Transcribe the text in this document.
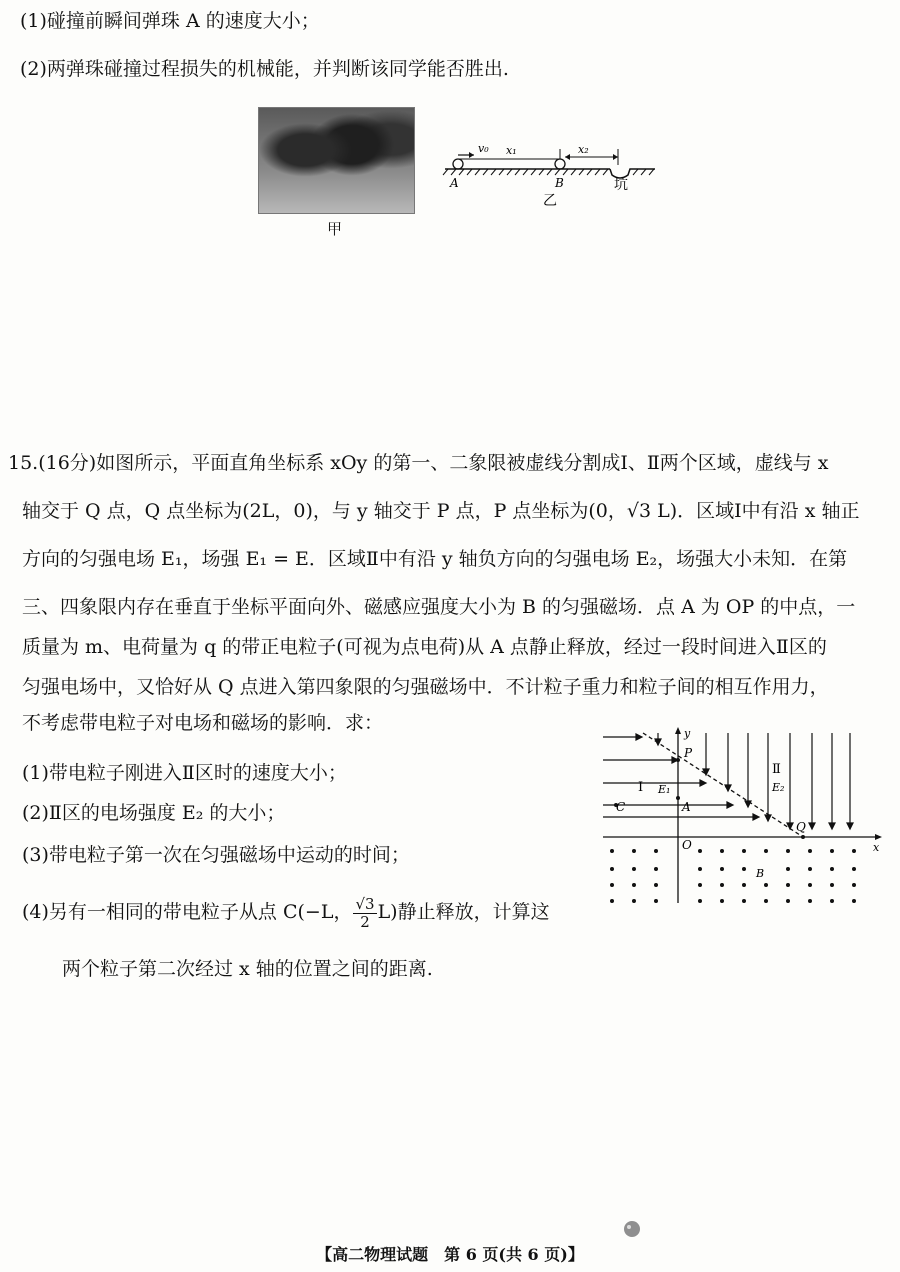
(1)碰撞前瞬间弹珠 A 的速度大小；
(2)两弹珠碰撞过程损失的机械能，并判断该同学能否胜出.
甲
v₀ x₁	x₂
A	B	坑
乙
15.(16分)如图所示，平面直角坐标系 xOy 的第一、二象限被虚线分割成Ⅰ、Ⅱ两个区域，虚线与 x
轴交于 Q 点，Q 点坐标为(2L，0)，与 y 轴交于 P 点，P 点坐标为(0，√3 L)．区域Ⅰ中有沿 x 轴正
方向的匀强电场 E₁，场强 E₁ = E．区域Ⅱ中有沿 y 轴负方向的匀强电场 E₂，场强大小未知．在第
三、四象限内存在垂直于坐标平面向外、磁感应强度大小为 B 的匀强磁场．点 A 为 OP 的中点，一
质量为 m、电荷量为 q 的带正电粒子(可视为点电荷)从 A 点静止释放，经过一段时间进入Ⅱ区的
匀强电场中，又恰好从 Q 点进入第四象限的匀强磁场中．不计粒子重力和粒子间的相互作用力，
不考虑带电粒子对电场和磁场的影响．求：
(1)带电粒子刚进入Ⅱ区时的速度大小；
(2)Ⅱ区的电场强度 E₂ 的大小；
(3)带电粒子第一次在匀强磁场中运动的时间；
(4)另有一相同的带电粒子从点 C(−L， $\frac{√3}{2} L$)静止释放，计算这
两个粒子第二次经过 x 轴的位置之间的距离.
y
x
P
O
Q
A
C
Ⅰ E₁
Ⅱ
E₂
B
【高二物理试题　第 6 页(共 6 页)】
